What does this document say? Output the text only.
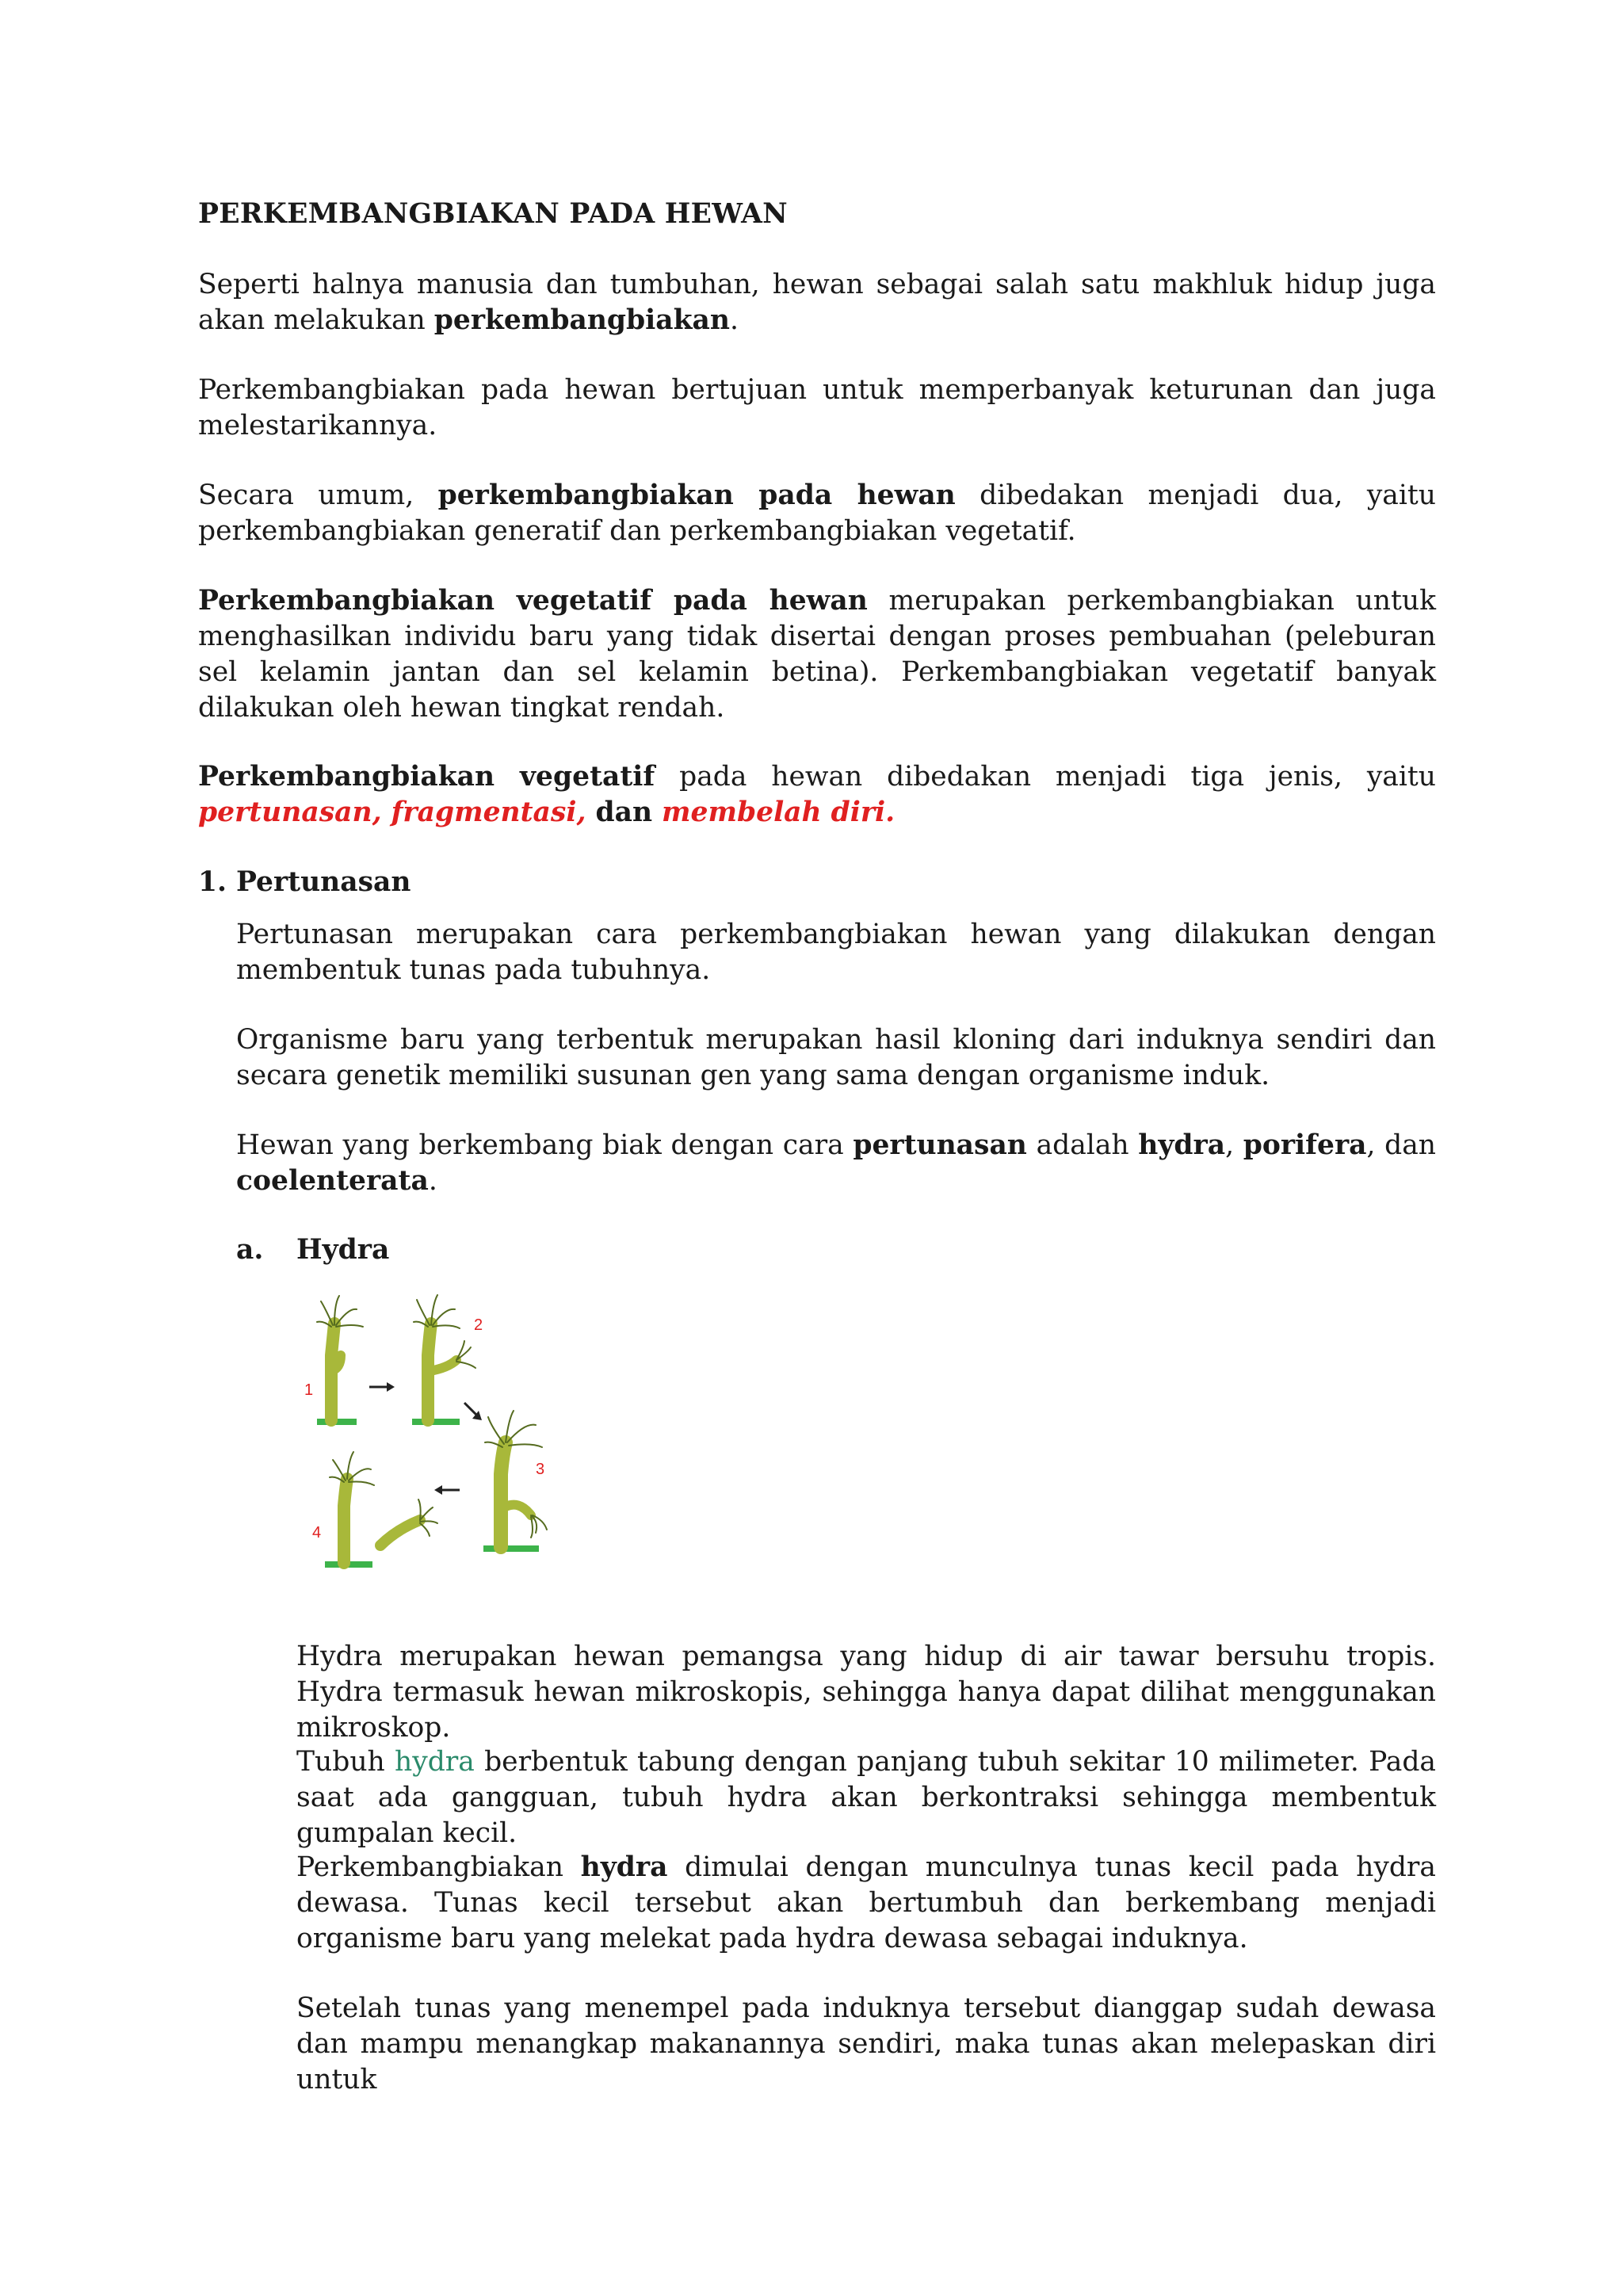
PERKEMBANGBIAKAN PADA HEWAN

Seperti halnya manusia dan tumbuhan, hewan sebagai salah satu makhluk hidup juga akan melakukan perkembangbiakan.

Perkembangbiakan pada hewan bertujuan untuk memperbanyak keturunan dan juga melestarikannya.

Secara umum, perkembangbiakan pada hewan dibedakan menjadi dua, yaitu perkembangbiakan generatif dan perkembangbiakan vegetatif.

Perkembangbiakan vegetatif pada hewan merupakan perkembangbiakan untuk menghasilkan individu baru yang tidak disertai dengan proses pembuahan (peleburan sel kelamin jantan dan sel kelamin betina). Perkembangbiakan vegetatif banyak dilakukan oleh hewan tingkat rendah.

Perkembangbiakan vegetatif pada hewan dibedakan menjadi tiga jenis, yaitu pertunasan, fragmentasi, dan membelah diri.

1. Pertunasan

Pertunasan merupakan cara perkembangbiakan hewan yang dilakukan dengan membentuk tunas pada tubuhnya.

Organisme baru yang terbentuk merupakan hasil kloning dari induknya sendiri dan secara genetik memiliki susunan gen yang sama dengan organisme induk.

Hewan yang berkembang biak dengan cara pertunasan adalah hydra, porifera, dan coelenterata.

a. Hydra
1
2
3
4

Hydra merupakan hewan pemangsa yang hidup di air tawar bersuhu tropis. Hydra termasuk hewan mikroskopis, sehingga hanya dapat dilihat menggunakan mikroskop.

Tubuh hydra berbentuk tabung dengan panjang tubuh sekitar 10 milimeter. Pada saat ada gangguan, tubuh hydra akan berkontraksi sehingga membentuk gumpalan kecil.

Perkembangbiakan hydra dimulai dengan munculnya tunas kecil pada hydra dewasa. Tunas kecil tersebut akan bertumbuh dan berkembang menjadi organisme baru yang melekat pada hydra dewasa sebagai induknya.

Setelah tunas yang menempel pada induknya tersebut dianggap sudah dewasa dan mampu menangkap makanannya sendiri, maka tunas akan melepaskan diri untuk
